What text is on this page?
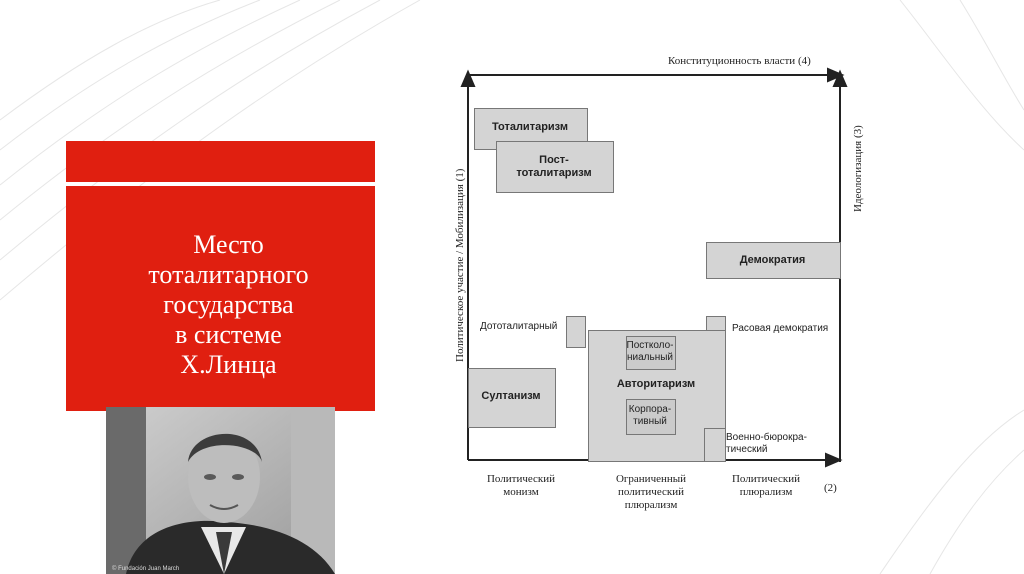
Место
тоталитарного
государства
в системе
Х.Линца
© Fundación Juan March
Конституционность власти (4)
Политическое участие / Мобилизация (1)	Идеологизация (3)
Тоталитаризм
Пост-
тоталитаризм
Демократия
Дототалитарный	Расовая демократия
Постколо-
ниальный
Авторитаризм
Корпора-
тивный
Султанизм
Военно-бюрокра-
тический
Политический
монизм
Ограниченный
политический
плюрализм
Политический
плюрализм	(2)
